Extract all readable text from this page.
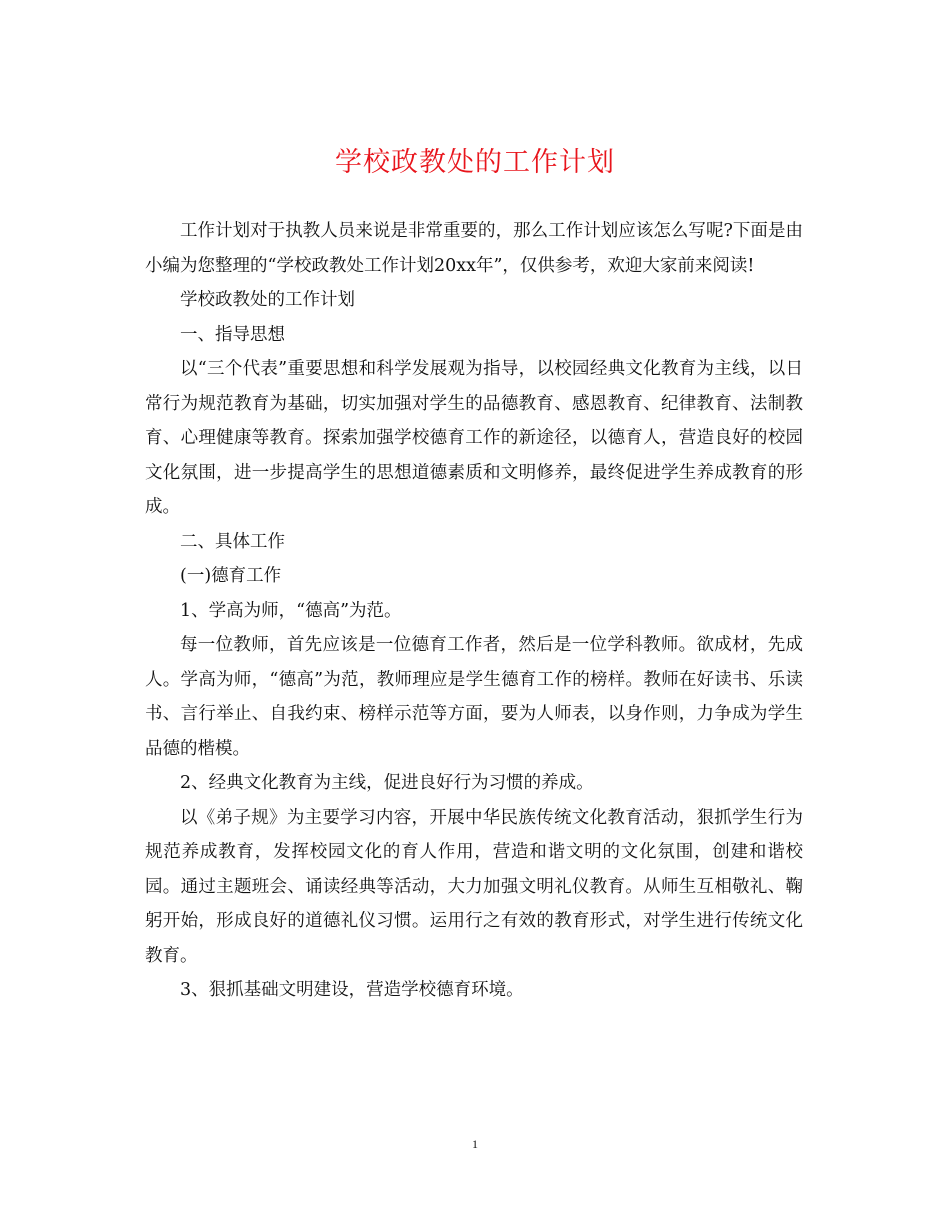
学校政教处的工作计划

工作计划对于执教人员来说是非常重要的，那么工作计划应该怎么写呢?下面是由小编为您整理的“学校政教处工作计划20xx年”，仅供参考，欢迎大家前来阅读!

学校政教处的工作计划

一、指导思想

以“三个代表”重要思想和科学发展观为指导，以校园经典文化教育为主线，以日常行为规范教育为基础，切实加强对学生的品德教育、感恩教育、纪律教育、法制教育、心理健康等教育。探索加强学校德育工作的新途径，以德育人，营造良好的校园文化氛围，进一步提高学生的思想道德素质和文明修养，最终促进学生养成教育的形成。

二、具体工作

(一)德育工作

1、学高为师，“德高”为范。

每一位教师，首先应该是一位德育工作者，然后是一位学科教师。欲成材，先成人。学高为师，“德高”为范，教师理应是学生德育工作的榜样。教师在好读书、乐读书、言行举止、自我约束、榜样示范等方面，要为人师表，以身作则，力争成为学生品德的楷模。

2、经典文化教育为主线，促进良好行为习惯的养成。

以《弟子规》为主要学习内容，开展中华民族传统文化教育活动，狠抓学生行为规范养成教育，发挥校园文化的育人作用，营造和谐文明的文化氛围，创建和谐校园。通过主题班会、诵读经典等活动，大力加强文明礼仪教育。从师生互相敬礼、鞠躬开始，形成良好的道德礼仪习惯。运用行之有效的教育形式，对学生进行传统文化教育。

3、狠抓基础文明建设，营造学校德育环境。

1
